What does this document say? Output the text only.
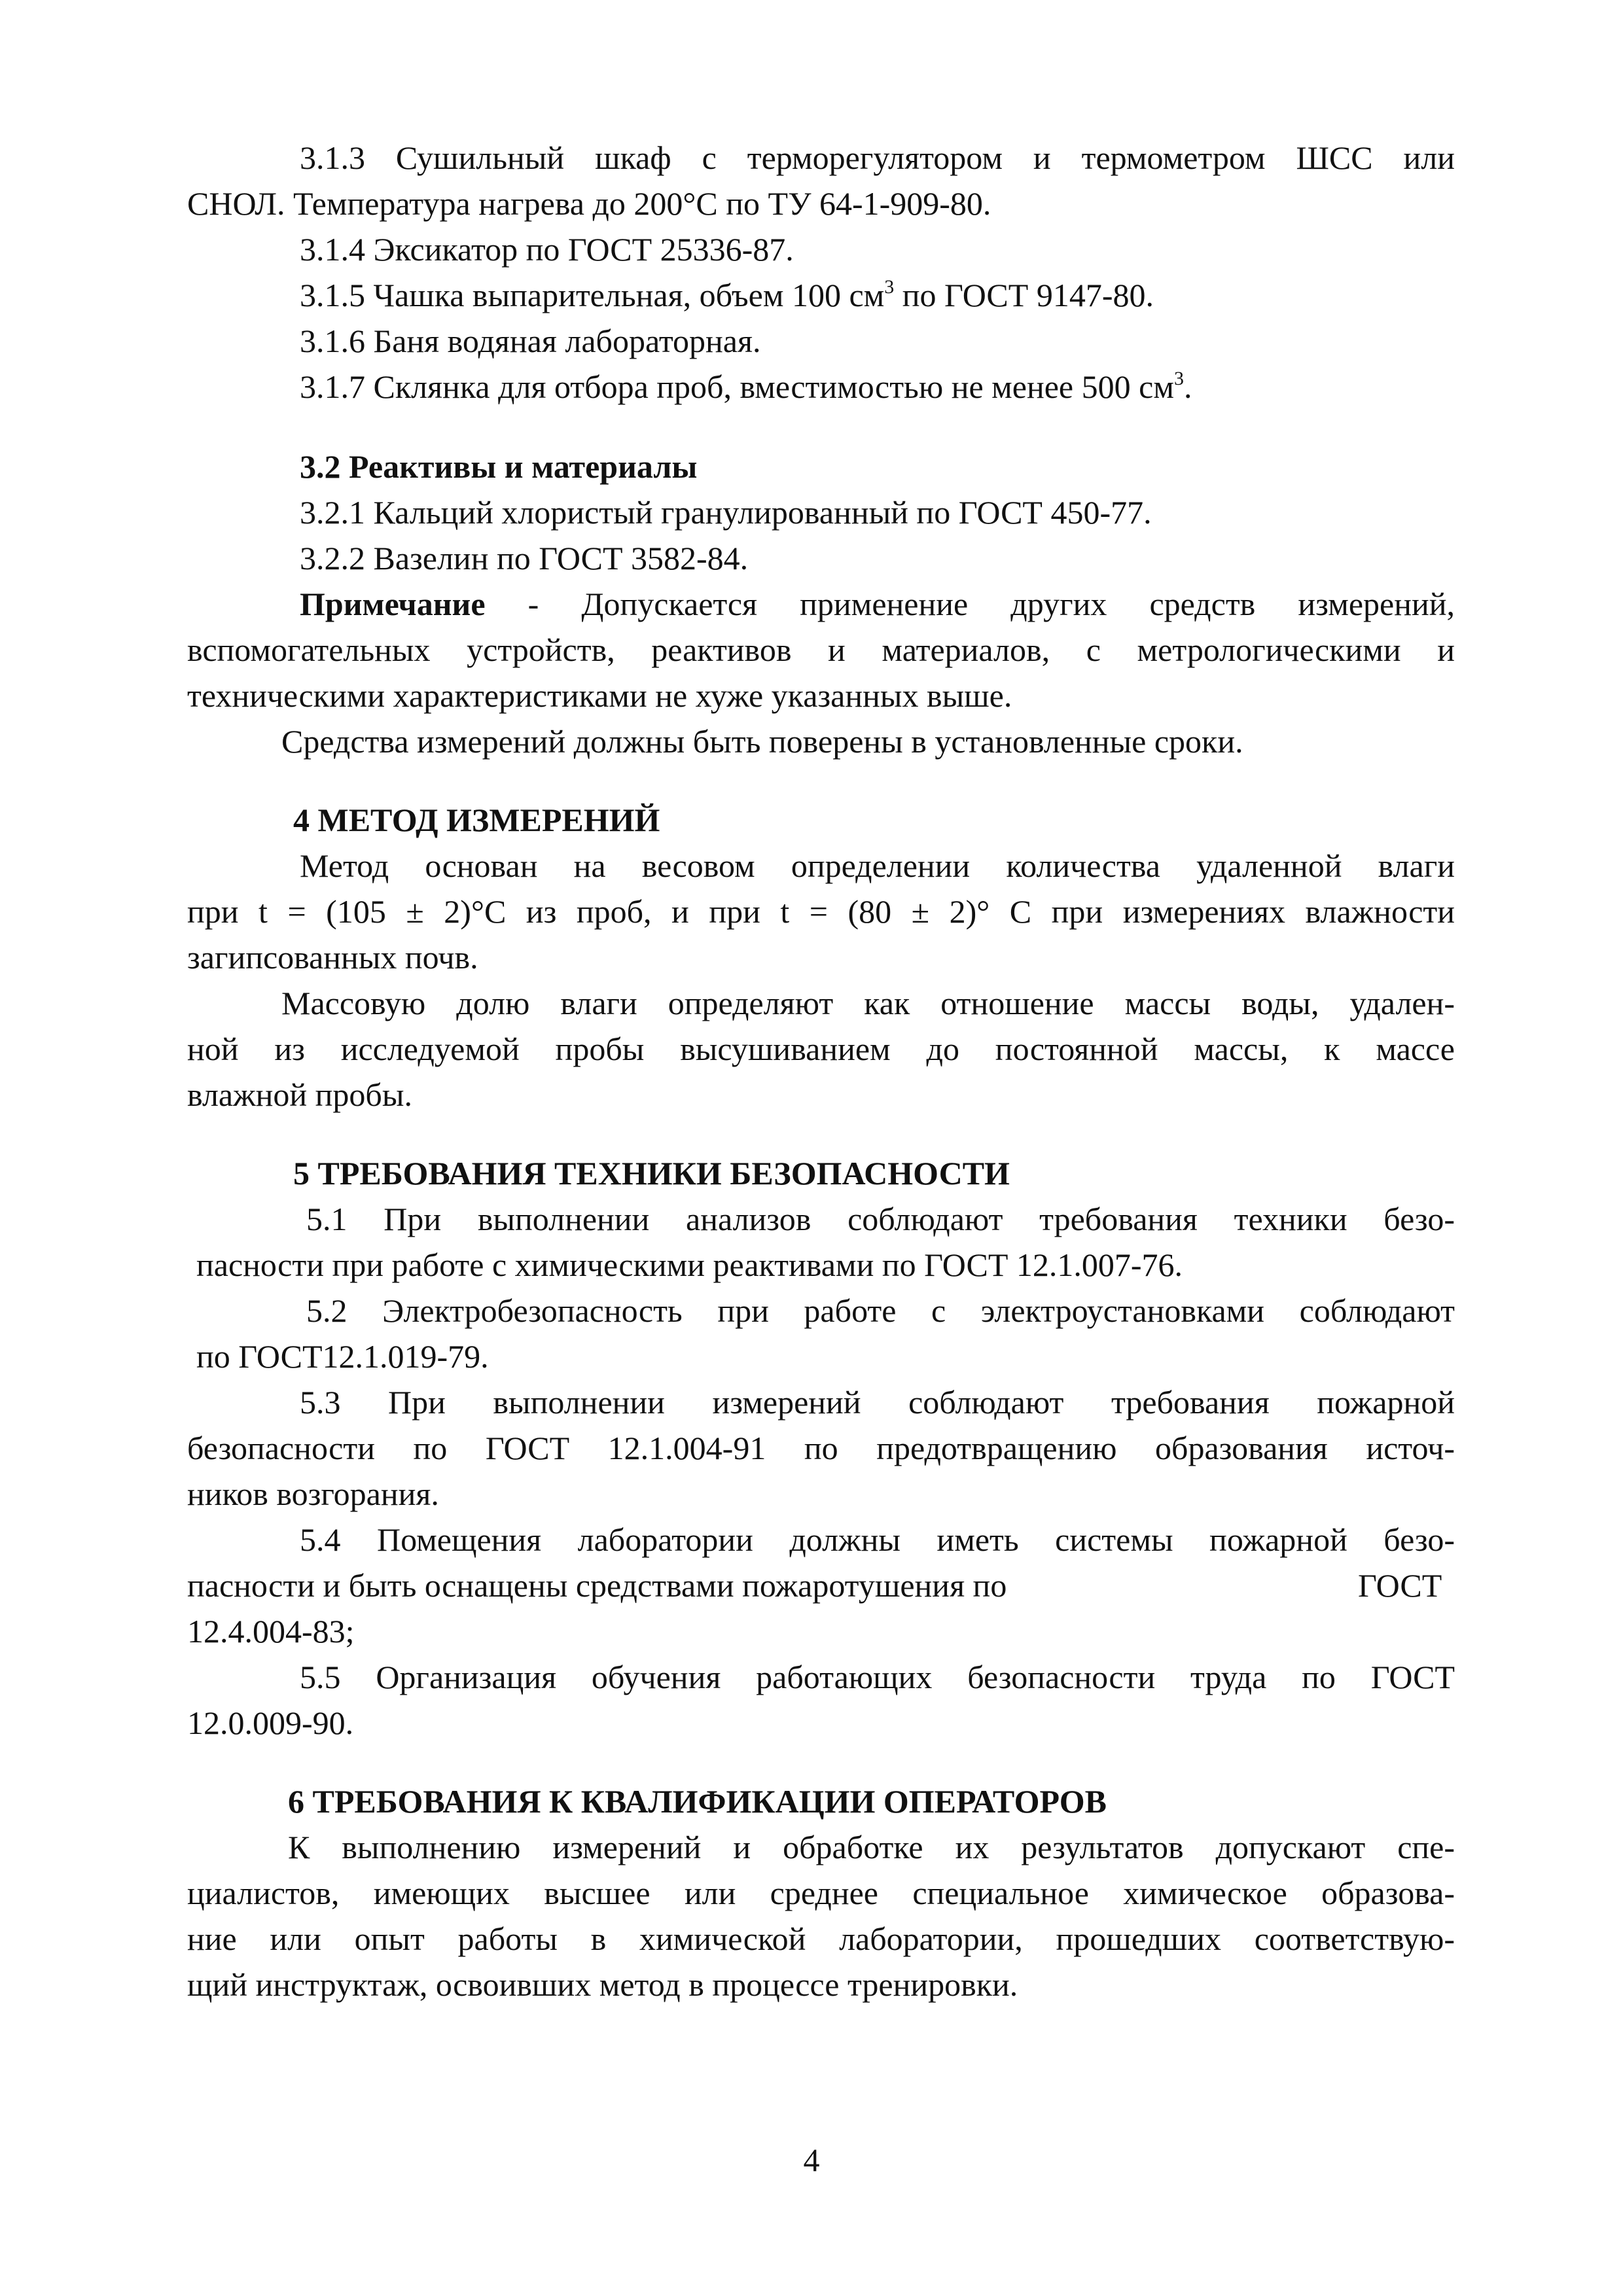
3.1.3 Сушильный шкаф с терморегулятором и термометром ШСС или

СНОЛ. Температура нагрева до 200°С по ТУ 64-1-909-80.

3.1.4 Эксикатор по ГОСТ 25336-87.

3.1.5 Чашка выпарительная, объем 100 $см^3$ по ГОСТ 9147-80.

3.1.6 Баня водяная лабораторная.

3.1.7 Склянка для отбора проб, вместимостью не менее 500 $см^3$.

3.2 Реактивы и материалы

3.2.1 Кальций хлористый гранулированный по ГОСТ 450-77.

3.2.2 Вазелин по ГОСТ 3582-84.

Примечание - Допускается применение других средств измерений,

вспомогательных устройств, реактивов и материалов, с метрологическими и

техническими характеристиками не хуже указанных выше.

Средства измерений должны быть поверены в установленные сроки.

4 МЕТОД ИЗМЕРЕНИЙ

Метод основан на весовом определении количества удаленной влаги

при t = (105 ± 2)°С из проб, и при t = (80 ± 2)° С при измерениях влажности

загипсованных почв.

Массовую долю влаги определяют как отношение массы воды, удален-

ной из исследуемой пробы высушиванием до постоянной массы, к массе

влажной пробы.

5 ТРЕБОВАНИЯ ТЕХНИКИ БЕЗОПАСНОСТИ

5.1 При выполнении анализов соблюдают требования техники безо-

пасности при работе с химическими реактивами по ГОСТ 12.1.007-76.

5.2 Электробезопасность при работе с электроустановками соблюдают

по ГОСТ12.1.019-79.

5.3 При выполнении измерений соблюдают требования пожарной

безопасности по ГОСТ 12.1.004-91 по предотвращению образования источ-

ников возгорания.

5.4 Помещения лаборатории должны иметь системы пожарной безо-

пасности и быть оснащены средствами пожаротушения по	ГОСТ

12.4.004-83;

5.5 Организация обучения работающих безопасности труда по ГОСТ

12.0.009-90.

6 ТРЕБОВАНИЯ К КВАЛИФИКАЦИИ ОПЕРАТОРОВ

К выполнению измерений и обработке их результатов допускают спе-

циалистов, имеющих высшее или среднее специальное химическое образова-

ние или опыт работы в химической лаборатории, прошедших соответствую-

щий инструктаж, освоивших метод в процессе тренировки.

4
